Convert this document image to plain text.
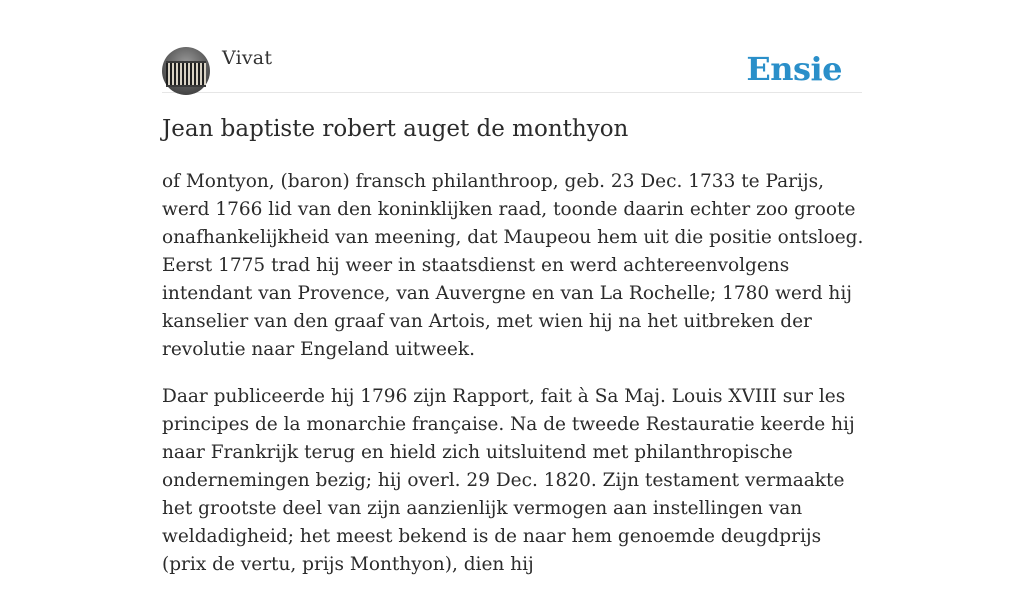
Vivat	Ensie
Jean baptiste robert auget de monthyon

of Montyon, (baron) fransch philanthroop, geb. 23 Dec. 1733 te Parijs, werd 1766 lid van den koninklijken raad, toonde daarin echter zoo groote onafhankelijkheid van meening, dat Maupeou hem uit die positie ontsloeg. Eerst 1775 trad hij weer in staatsdienst en werd achtereenvolgens intendant van Provence, van Auvergne en van La Rochelle; 1780 werd hij kanselier van den graaf van Artois, met wien hij na het uitbreken der revolutie naar Engeland uitweek.

Daar publiceerde hij 1796 zijn Rapport, fait à Sa Maj. Louis XVIII sur les principes de la monarchie française. Na de tweede Restauratie keerde hij naar Frankrijk terug en hield zich uitsluitend met philanthropische ondernemingen bezig; hij overl. 29 Dec. 1820. Zijn testament vermaakte het grootste deel van zijn aanzienlijk vermogen aan instellingen van weldadigheid; het meest bekend is de naar hem genoemde deugdprijs (prix de vertu, prijs Monthyon), dien hij
